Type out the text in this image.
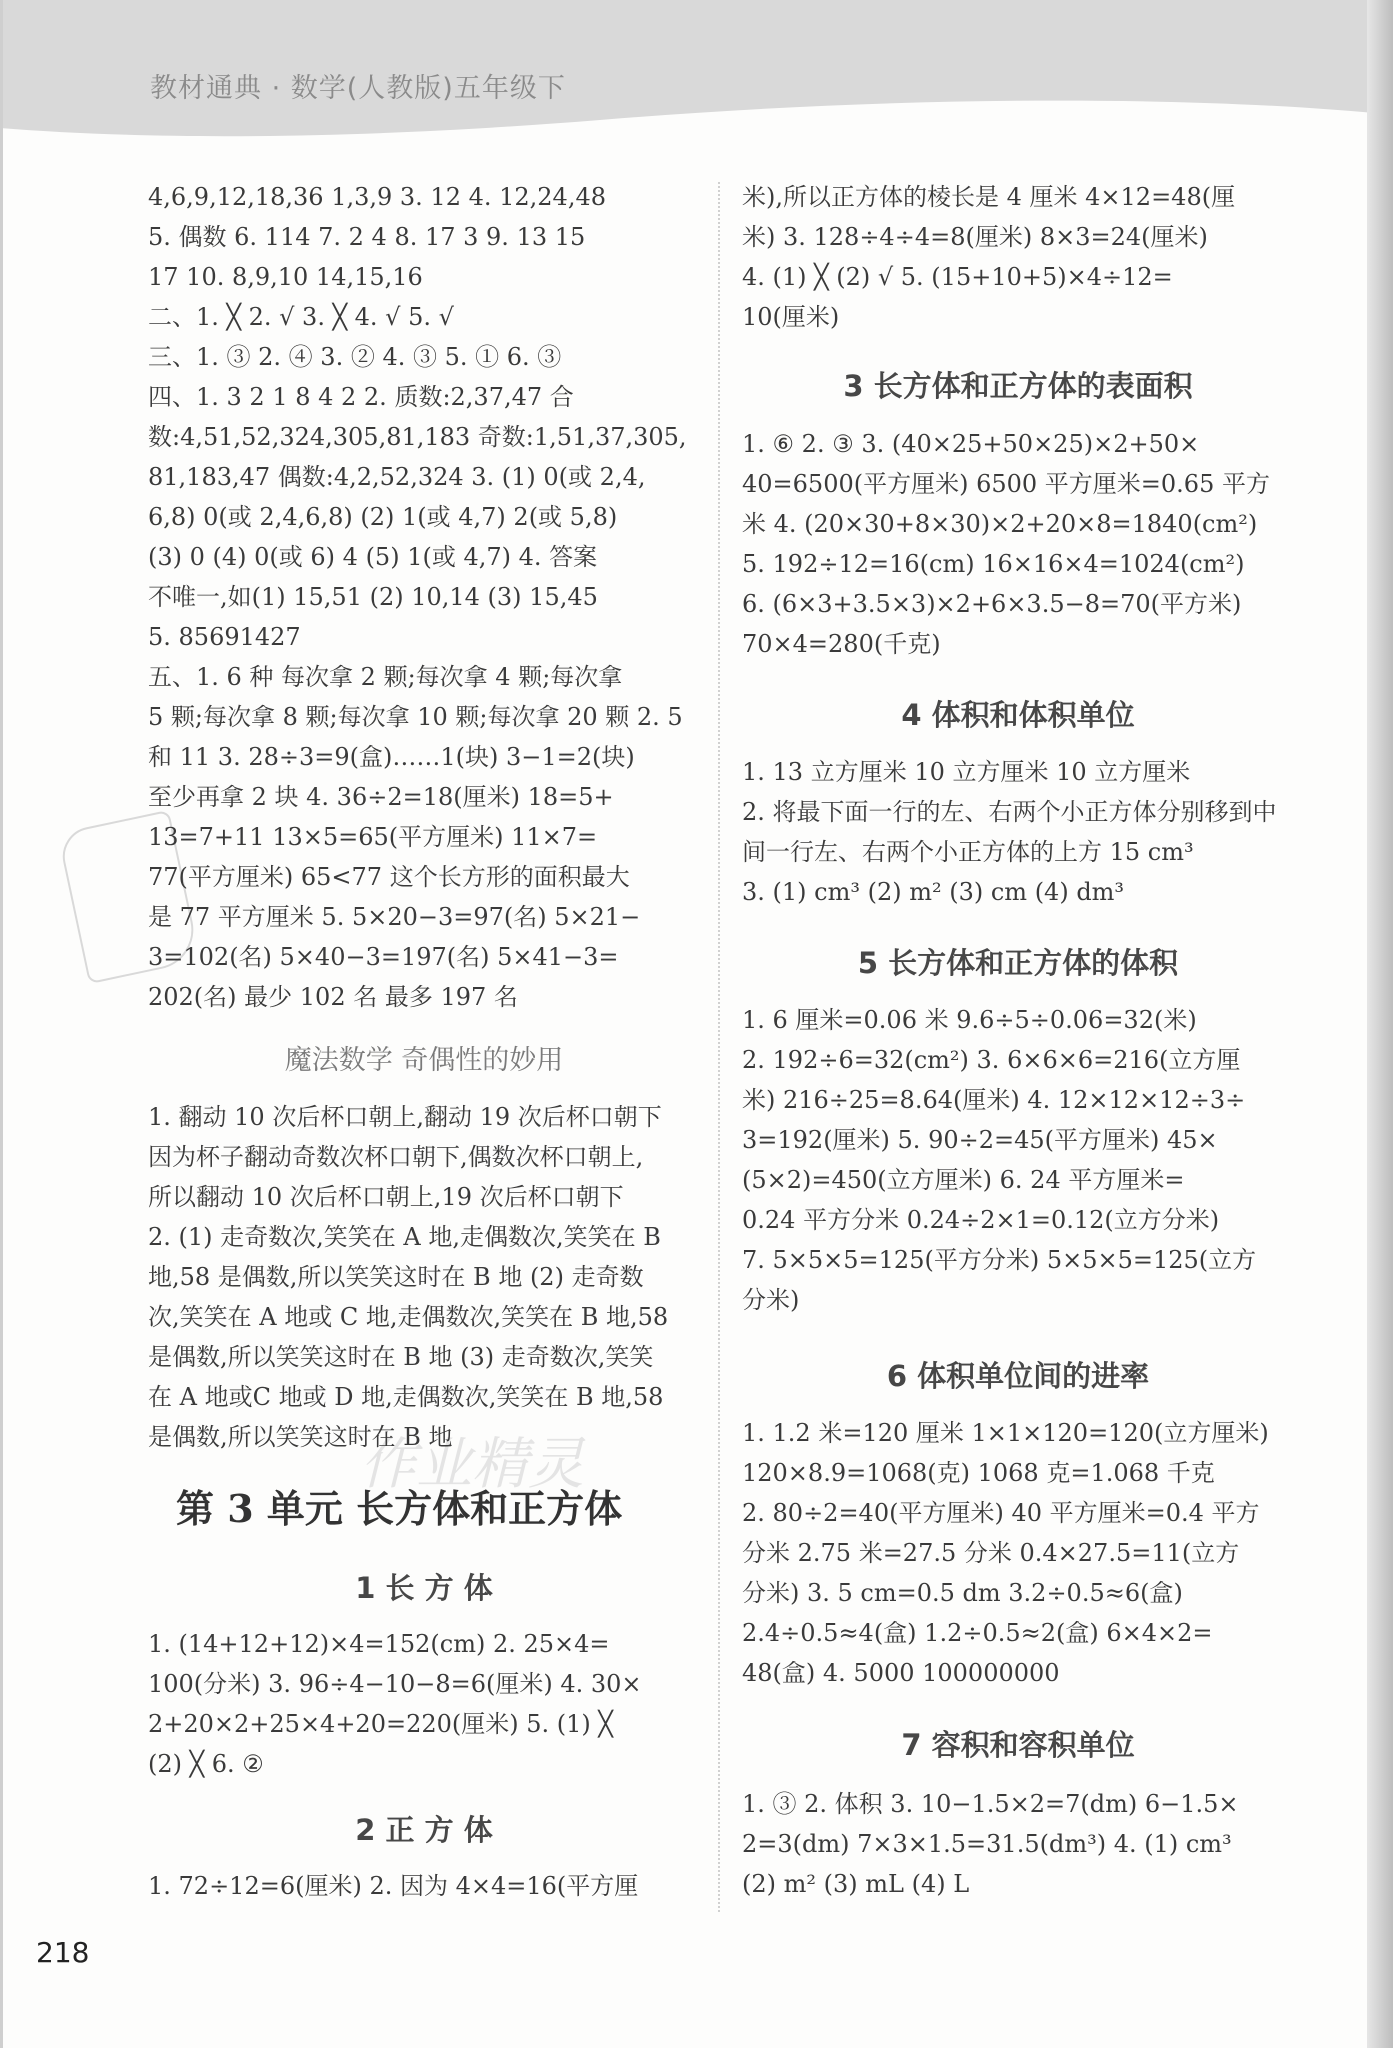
教材通典 · 数学(人教版)五年级下
作业精灵
4,6,9,12,18,36 1,3,9 3. 12 4. 12,24,48
5. 偶数 6. 114 7. 2 4 8. 17 3 9. 13 15
17 10. 8,9,10 14,15,16
二、1. ╳ 2. √ 3. ╳ 4. √ 5. √
三、1. ③ 2. ④ 3. ② 4. ③ 5. ① 6. ③
四、1. 3 2 1 8 4 2 2. 质数:2,37,47 合
数:4,51,52,324,305,81,183 奇数:1,51,37,305,
81,183,47 偶数:4,2,52,324 3. (1) 0(或 2,4,
6,8) 0(或 2,4,6,8) (2) 1(或 4,7) 2(或 5,8)
(3) 0 (4) 0(或 6) 4 (5) 1(或 4,7) 4. 答案
不唯一,如(1) 15,51 (2) 10,14 (3) 15,45
5. 85691427
五、1. 6 种 每次拿 2 颗;每次拿 4 颗;每次拿
5 颗;每次拿 8 颗;每次拿 10 颗;每次拿 20 颗 2. 5
和 11 3. 28÷3=9(盒)……1(块) 3−1=2(块)
至少再拿 2 块 4. 36÷2=18(厘米) 18=5+
13=7+11 13×5=65(平方厘米) 11×7=
77(平方厘米) 65<77 这个长方形的面积最大
是 77 平方厘米 5. 5×20−3=97(名) 5×21−
3=102(名) 5×40−3=197(名) 5×41−3=
202(名) 最少 102 名 最多 197 名
魔法数学 奇偶性的妙用
1. 翻动 10 次后杯口朝上,翻动 19 次后杯口朝下
因为杯子翻动奇数次杯口朝下,偶数次杯口朝上,
所以翻动 10 次后杯口朝上,19 次后杯口朝下
2. (1) 走奇数次,笑笑在 A 地,走偶数次,笑笑在 B
地,58 是偶数,所以笑笑这时在 B 地 (2) 走奇数
次,笑笑在 A 地或 C 地,走偶数次,笑笑在 B 地,58
是偶数,所以笑笑这时在 B 地 (3) 走奇数次,笑笑
在 A 地或C 地或 D 地,走偶数次,笑笑在 B 地,58
是偶数,所以笑笑这时在 B 地
第 3 单元 长方体和正方体
1 长 方 体
1. (14+12+12)×4=152(cm) 2. 25×4=
100(分米) 3. 96÷4−10−8=6(厘米) 4. 30×
2+20×2+25×4+20=220(厘米) 5. (1) ╳
(2) ╳ 6. ②
2 正 方 体
1. 72÷12=6(厘米) 2. 因为 4×4=16(平方厘
米),所以正方体的棱长是 4 厘米 4×12=48(厘
米) 3. 128÷4÷4=8(厘米) 8×3=24(厘米)
4. (1) ╳ (2) √ 5. (15+10+5)×4÷12=
10(厘米)
3 长方体和正方体的表面积
1. ⑥ 2. ③ 3. (40×25+50×25)×2+50×
40=6500(平方厘米) 6500 平方厘米=0.65 平方
米 4. (20×30+8×30)×2+20×8=1840(cm²)
5. 192÷12=16(cm) 16×16×4=1024(cm²)
6. (6×3+3.5×3)×2+6×3.5−8=70(平方米)
70×4=280(千克)
4 体积和体积单位
1. 13 立方厘米 10 立方厘米 10 立方厘米
2. 将最下面一行的左、右两个小正方体分别移到中
间一行左、右两个小正方体的上方 15 cm³
3. (1) cm³ (2) m² (3) cm (4) dm³
5 长方体和正方体的体积
1. 6 厘米=0.06 米 9.6÷5÷0.06=32(米)
2. 192÷6=32(cm²) 3. 6×6×6=216(立方厘
米) 216÷25=8.64(厘米) 4. 12×12×12÷3÷
3=192(厘米) 5. 90÷2=45(平方厘米) 45×
(5×2)=450(立方厘米) 6. 24 平方厘米=
0.24 平方分米 0.24÷2×1=0.12(立方分米)
7. 5×5×5=125(平方分米) 5×5×5=125(立方
分米)
6 体积单位间的进率
1. 1.2 米=120 厘米 1×1×120=120(立方厘米)
120×8.9=1068(克) 1068 克=1.068 千克
2. 80÷2=40(平方厘米) 40 平方厘米=0.4 平方
分米 2.75 米=27.5 分米 0.4×27.5=11(立方
分米) 3. 5 cm=0.5 dm 3.2÷0.5≈6(盒)
2.4÷0.5≈4(盒) 1.2÷0.5≈2(盒) 6×4×2=
48(盒) 4. 5000 100000000
7 容积和容积单位
1. ③ 2. 体积 3. 10−1.5×2=7(dm) 6−1.5×
2=3(dm) 7×3×1.5=31.5(dm³) 4. (1) cm³
(2) m² (3) mL (4) L
218
